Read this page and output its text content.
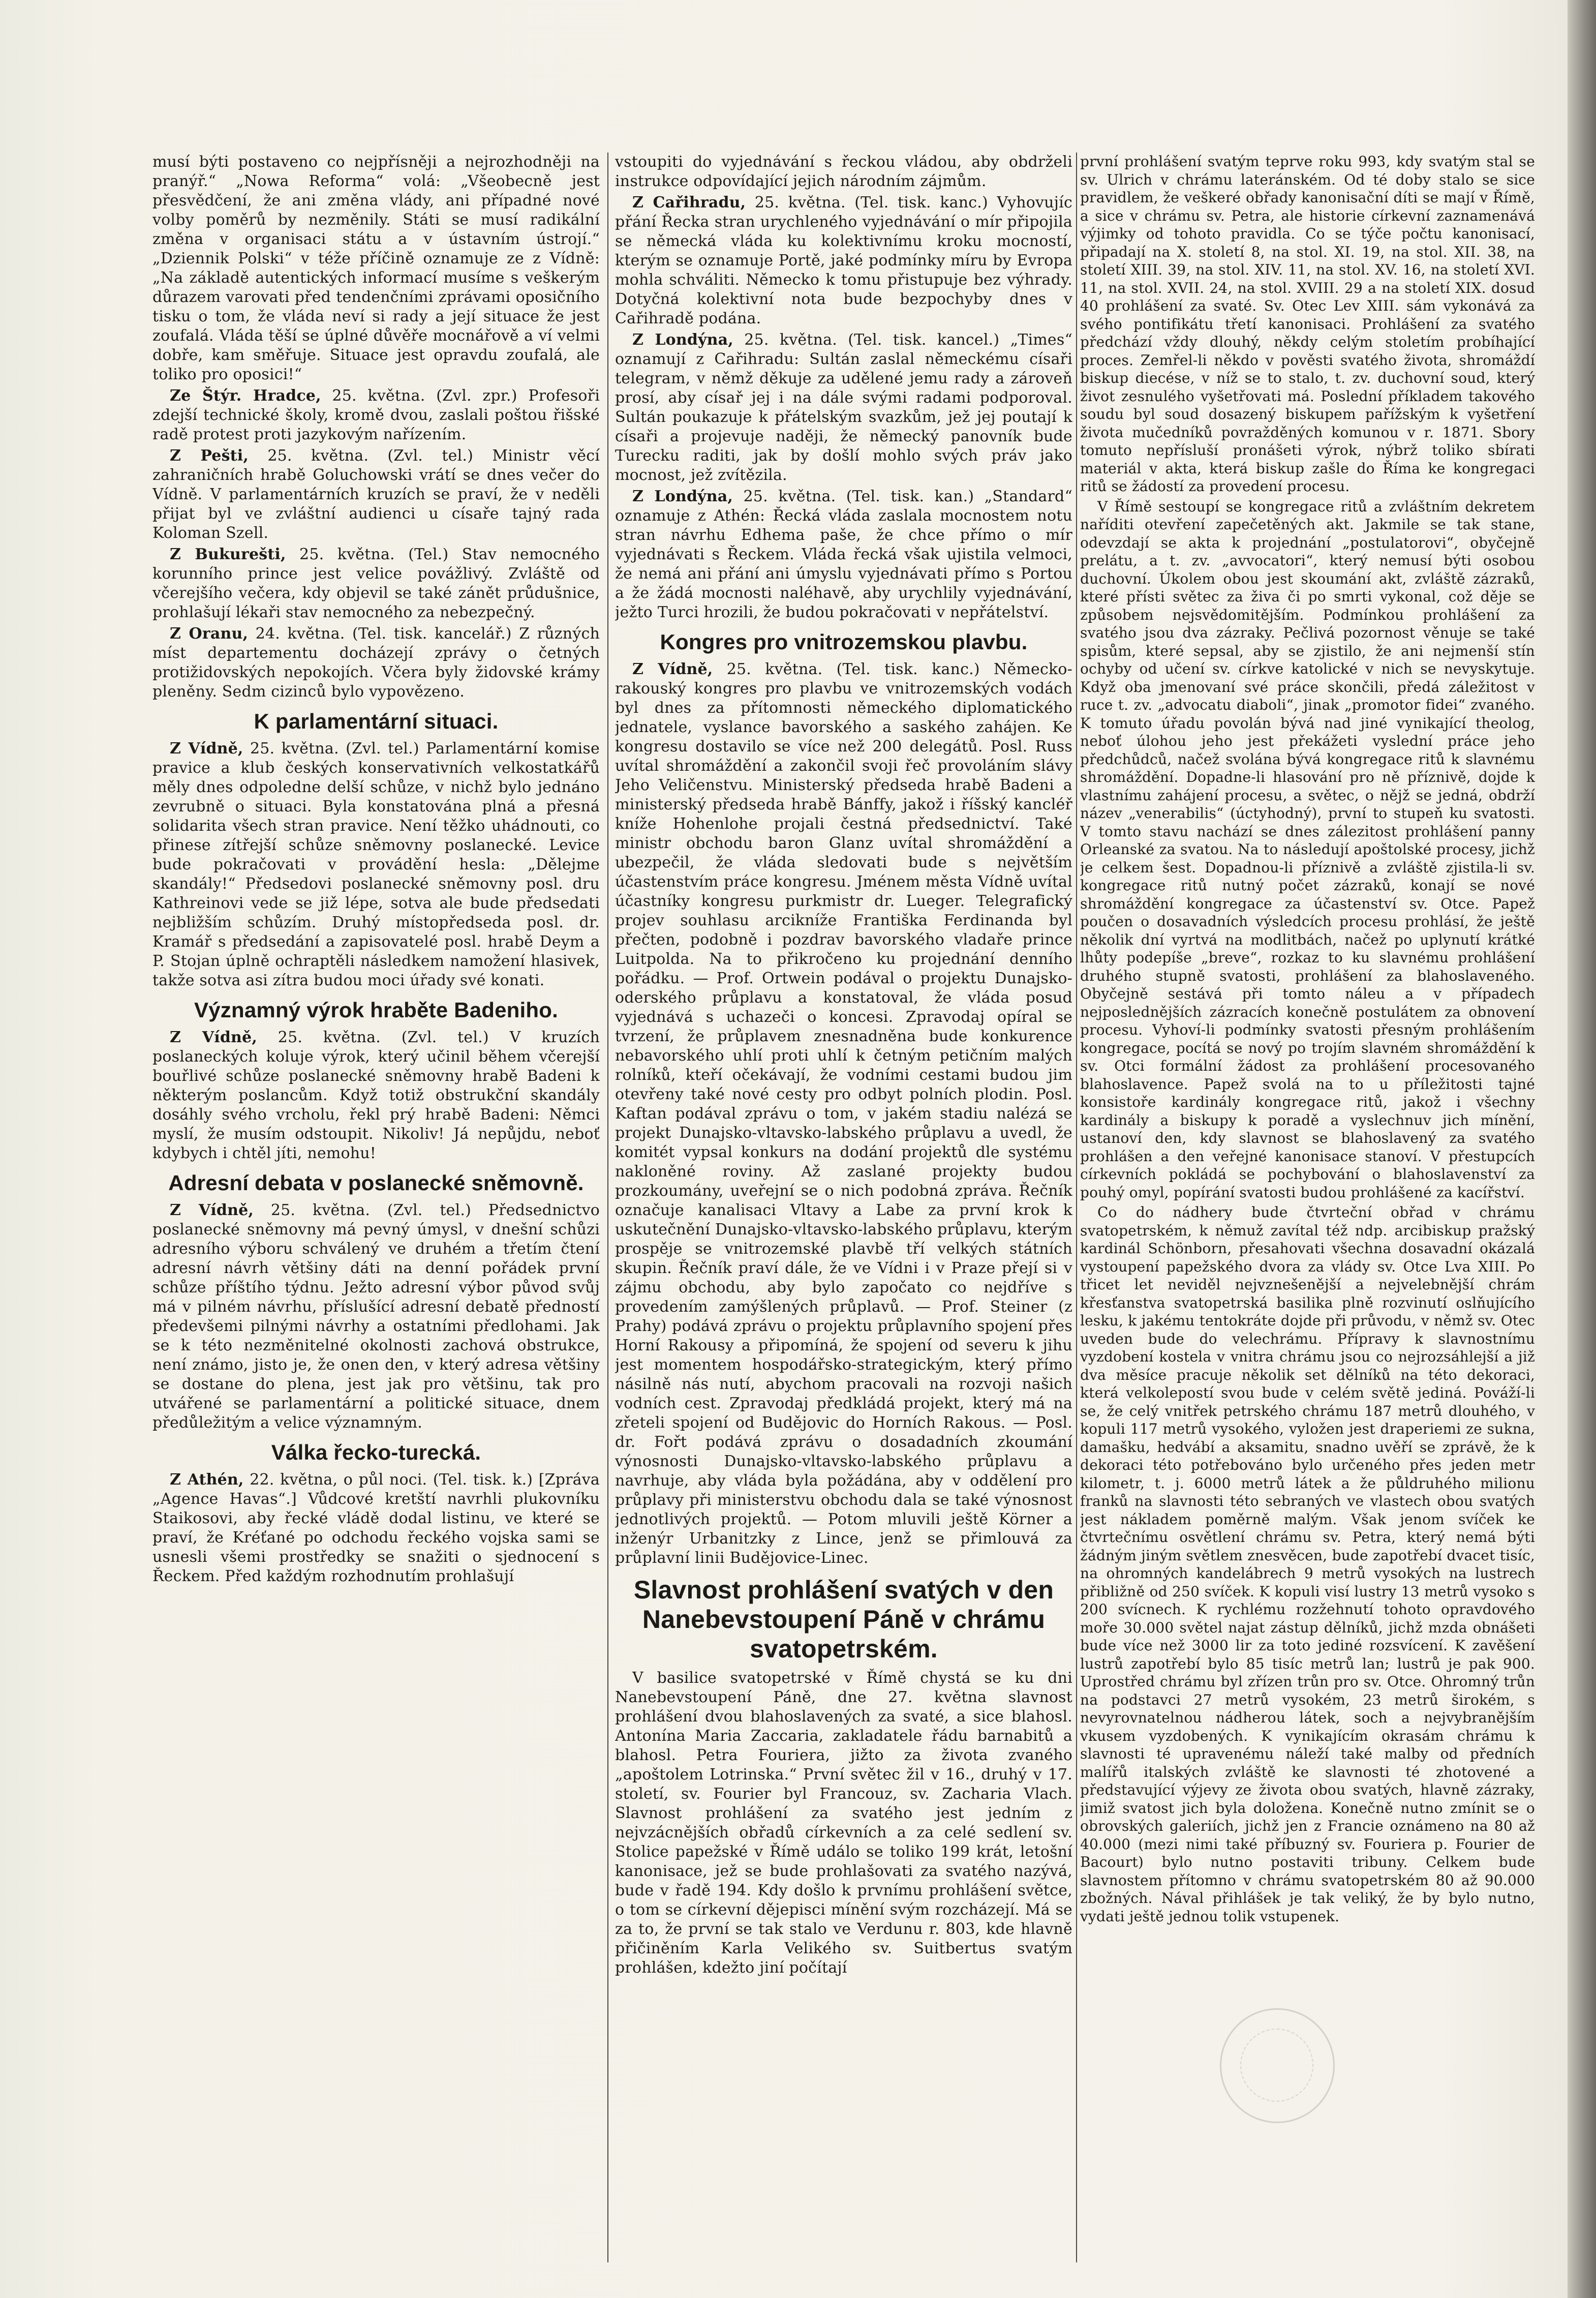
musí býti postaveno co nejpřísněji a nejrozhodněji na pranýř.“ „Nowa Reforma“ volá: „Všeobecně jest přesvědčení, že ani změna vlády, ani případné nové volby poměrů by nezměnily. Státi se musí radikální změna v organisaci státu a v ústavním ústrojí.“ „Dziennik Polski“ v téže příčině oznamuje ze z Vídně: „Na základě autentických informací musíme s veškerým důrazem varovati před tendenčními zprávami oposičního tisku o tom, že vláda neví si rady a její situace že jest zoufalá. Vláda těší se úplné důvěře mocnářově a ví velmi dobře, kam směřuje. Situace jest opravdu zoufalá, ale toliko pro oposici!“

Ze Štýr. Hradce, 25. května. (Zvl. zpr.) Profesoři zdejší technické školy, kromě dvou, zaslali poštou řišské radě protest proti jazykovým nařízením.

Z Pešti, 25. května. (Zvl. tel.) Ministr věcí zahraničních hrabě Goluchowski vrátí se dnes večer do Vídně. V parlamentárních kruzích se praví, že v neděli přijat byl ve zvláštní audienci u císaře tajný rada Koloman Szell.

Z Bukurešti, 25. května. (Tel.) Stav nemocného korunního prince jest velice povážlivý. Zvláště od včerejšího večera, kdy objevil se také zánět průdušnice, prohlašují lékaři stav nemocného za nebezpečný.

Z Oranu, 24. května. (Tel. tisk. kancelář.) Z různých míst departementu docházejí zprávy o četných protižidovských nepokojích. Včera byly židovské krámy pleněny. Sedm cizinců bylo vypovězeno.

K parlamentární situaci.

Z Vídně, 25. května. (Zvl. tel.) Parlamentární komise pravice a klub českých konservativních velkostatkářů měly dnes odpoledne delší schůze, v nichž bylo jednáno zevrubně o situaci. Byla konstatována plná a přesná solidarita všech stran pravice. Není těžko uhádnouti, co přinese zítřejší schůze sněmovny poslanecké. Levice bude pokračovati v provádění hesla: „Dělejme skandály!“ Předsedovi poslanecké sněmovny posl. dru Kathreinovi vede se již lépe, sotva ale bude předsedati nejbližším schůzím. Druhý místopředseda posl. dr. Kramář s předsedání a zapisovatelé posl. hrabě Deym a P. Stojan úplně ochraptěli následkem namožení hlasivek, takže sotva asi zítra budou moci úřady své konati.

Významný výrok hraběte Badeniho.

Z Vídně, 25. května. (Zvl. tel.) V kruzích poslaneckých koluje výrok, který učinil během včerejší bouřlivé schůze poslanecké sněmovny hrabě Badeni k některým poslancům. Když totiž obstrukční skandály dosáhly svého vrcholu, řekl prý hrabě Badeni: Němci myslí, že musím odstoupit. Nikoliv! Já nepůjdu, neboť kdybych i chtěl jíti, nemohu!

Adresní debata v poslanecké sněmovně.

Z Vídně, 25. května. (Zvl. tel.) Předsednictvo poslanecké sněmovny má pevný úmysl, v dnešní schůzi adresního výboru schválený ve druhém a třetím čtení adresní návrh většiny dáti na denní pořádek první schůze příštího týdnu. Ježto adresní výbor původ svůj má v pilném návrhu, příslušící adresní debatě předností předevšemi pilnými návrhy a ostatními předlohami. Jak se k této nezměnitelné okolnosti zachová obstrukce, není známo, jisto je, že onen den, v který adresa většiny se dostane do plena, jest jak pro většinu, tak pro utvářené se parlamentární a politické situace, dnem předůležitým a velice významným.

Válka řecko-turecká.

Z Athén, 22. května, o půl noci. (Tel. tisk. k.) [Zpráva „Agence Havas“.] Vůdcové kretští navrhli plukovníku Staikosovi, aby řecké vládě dodal listinu, ve které se praví, že Kréťané po odchodu řeckého vojska sami se usnesli všemi prostředky se snažiti o sjednocení s Řeckem. Před každým rozhodnutím prohlašují

vstoupiti do vyjednávání s řeckou vládou, aby obdrželi instrukce odpovídající jejich národním zájmům.

Z Cařihradu, 25. května. (Tel. tisk. kanc.) Vyhovujíc přání Řecka stran urychleného vyjednávání o mír připojila se německá vláda ku kolektivnímu kroku mocností, kterým se oznamuje Portě, jaké podmínky míru by Evropa mohla schváliti. Německo k tomu přistupuje bez výhrady. Dotyčná kolektivní nota bude bezpochyby dnes v Cařihradě podána.

Z Londýna, 25. května. (Tel. tisk. kancel.) „Times“ oznamují z Cařihradu: Sultán zaslal německému císaři telegram, v němž děkuje za udělené jemu rady a zároveň prosí, aby císař jej i na dále svými radami podporoval. Sultán poukazuje k přátelským svazkům, jež jej poutají k císaři a projevuje naději, že německý panovník bude Turecku raditi, jak by došlí mohlo svých práv jako mocnost, jež zvítězila.

Z Londýna, 25. května. (Tel. tisk. kan.) „Standard“ oznamuje z Athén: Řecká vláda zaslala mocnostem notu stran návrhu Edhema paše, že chce přímo o mír vyjednávati s Řeckem. Vláda řecká však ujistila velmoci, že nemá ani přání ani úmyslu vyjednávati přímo s Portou a že žádá mocnosti naléhavě, aby urychlily vyjednávání, ježto Turci hrozili, že budou pokračovati v nepřátelství.

Kongres pro vnitrozemskou plavbu.

Z Vídně, 25. května. (Tel. tisk. kanc.) Německo-rakouský kongres pro plavbu ve vnitrozemských vodách byl dnes za přítomnosti německého diplomatického jednatele, vyslance bavorského a saského zahájen. Ke kongresu dostavilo se více než 200 delegátů. Posl. Russ uvítal shromáždění a zakončil svoji řeč provoláním slávy Jeho Veličenstvu. Ministerský předseda hrabě Badeni a ministerský předseda hrabě Bánffy, jakož i říšský kancléř kníže Hohenlohe projali čestná předsednictví. Také ministr obchodu baron Glanz uvítal shromáždění a ubezpečil, že vláda sledovati bude s největším účastenstvím práce kongresu. Jménem města Vídně uvítal účastníky kongresu purkmistr dr. Lueger. Telegrafický projev souhlasu arcikníže Františka Ferdinanda byl přečten, podobně i pozdrav bavorského vladaře prince Luitpolda. Na to přikročeno ku projednání denního pořádku. — Prof. Ortwein podával o projektu Dunajsko-oderského průplavu a konstatoval, že vláda posud vyjednává s uchazeči o koncesi. Zpravodaj opíral se tvrzení, že průplavem znesnadněna bude konkurence nebavorského uhlí proti uhlí k četným petičním malých rolníků, kteří očekávají, že vodními cestami budou jim otevřeny také nové cesty pro odbyt polních plodin. Posl. Kaftan podával zprávu o tom, v jakém stadiu nalézá se projekt Dunajsko-vltavsko-labského průplavu a uvedl, že komitét vypsal konkurs na dodání projektů dle systému nakloněné roviny. Až zaslané projekty budou prozkoumány, uveřejní se o nich podobná zpráva. Řečník označuje kanalisaci Vltavy a Labe za první krok k uskutečnění Dunajsko-vltavsko-labského průplavu, kterým prospěje se vnitrozemské plavbě tří velkých státních skupin. Řečník praví dále, že ve Vídni i v Praze přejí si v zájmu obchodu, aby bylo započato co nejdříve s provedením zamýšlených průplavů. — Prof. Steiner (z Prahy) podává zprávu o projektu průplavního spojení přes Horní Rakousy a připomíná, že spojení od severu k jihu jest momentem hospodářsko-strategickým, který přímo násilně nás nutí, abychom pracovali na rozvoji našich vodních cest. Zpravodaj předkládá projekt, který má na zřeteli spojení od Budějovic do Horních Rakous. — Posl. dr. Fořt podává zprávu o dosadadních zkoumání výnosnosti Dunajsko-vltavsko-labského průplavu a navrhuje, aby vláda byla požádána, aby v oddělení pro průplavy při ministerstvu obchodu dala se také výnosnost jednotlivých projektů. — Potom mluvili ještě Körner a inženýr Urbanitzky z Lince, jenž se přimlouvá za průplavní linii Budějovice-Linec.

Slavnost prohlášení svatých v den Nanebevstoupení Páně v chrámu svatopetrském.

V basilice svatopetrské v Římě chystá se ku dni Nanebevstoupení Páně, dne 27. května slavnost prohlášení dvou blahoslavených za svaté, a sice blahosl. Antonína Maria Zaccaria, zakladatele řádu barnabitů a blahosl. Petra Fouriera, jižto za života zvaného „apoštolem Lotrinska.“ První světec žil v 16., druhý v 17. století, sv. Fourier byl Francouz, sv. Zacharia Vlach. Slavnost prohlášení za svatého jest jedním z nejvzácnějších obřadů církevních a za celé sedlení sv. Stolice papežské v Římě událo se toliko 199 krát, letošní kanonisace, jež se bude prohlašovati za svatého nazývá, bude v řadě 194. Kdy došlo k prvnímu prohlášení světce, o tom se církevní dějepisci mínění svým rozcházejí. Má se za to, že první se tak stalo ve Verdunu r. 803, kde hlavně přičiněním Karla Velikého sv. Suitbertus svatým prohlášen, kdežto jiní počítají

první prohlášení svatým teprve roku 993, kdy svatým stal se sv. Ulrich v chrámu lateránském. Od té doby stalo se sice pravidlem, že veškeré obřady kanonisační díti se mají v Římě, a sice v chrámu sv. Petra, ale historie církevní zaznamenává výjimky od tohoto pravidla. Co se týče počtu kanonisací, připadají na X. století 8, na stol. XI. 19, na stol. XII. 38, na století XIII. 39, na stol. XIV. 11, na stol. XV. 16, na století XVI. 11, na stol. XVII. 24, na stol. XVIII. 29 a na století XIX. dosud 40 prohlášení za svaté. Sv. Otec Lev XIII. sám vykonává za svého pontifikátu třetí kanonisaci. Prohlášení za svatého předchází vždy dlouhý, někdy celým stoletím probíhající proces. Zemřel-li někdo v pověsti svatého života, shromáždí biskup diecése, v níž se to stalo, t. zv. duchovní soud, který život zesnulého vyšetřovati má. Poslední příkladem takového soudu byl soud dosazený biskupem pařížským k vyšetření života mučedníků povražděných komunou v r. 1871. Sbory tomuto nepřísluší pronášeti výrok, nýbrž toliko sbírati materiál v akta, která biskup zašle do Říma ke kongregaci ritů se žádostí za provedení procesu.

V Římě sestoupí se kongregace ritů a zvláštním dekretem naříditi otevření zapečetěných akt. Jakmile se tak stane, odevzdají se akta k projednání „postulatorovi“, obyčejně prelátu, a t. zv. „avvocatori“, který nemusí býti osobou duchovní. Úkolem obou jest skoumání akt, zvláště zázraků, které přísti světec za živa či po smrti vykonal, což děje se způsobem nejsvědomitějším. Podmínkou prohlášení za svatého jsou dva zázraky. Pečlivá pozornost věnuje se také spisům, které sepsal, aby se zjistilo, že ani nejmenší stín ochyby od učení sv. církve katolické v nich se nevyskytuje. Když oba jmenovaní své práce skončili, předá záležitost v ruce t. zv. „advocatu diaboli“, jinak „promotor fidei“ zvaného. K tomuto úřadu povolán bývá nad jiné vynikající theolog, neboť úlohou jeho jest překážeti vyslední práce jeho předchůdců, načež svolána bývá kongregace ritů k slavnému shromáždění. Dopadne-li hlasování pro ně příznivě, dojde k vlastnímu zahájení procesu, a světec, o nějž se jedná, obdrží název „venerabilis“ (úctyhodný), první to stupeň ku svatosti. V tomto stavu nachází se dnes zálezitost prohlášení panny Orleanské za svatou. Na to následují apoštolské procesy, jichž je celkem šest. Dopadnou-li příznivě a zvláště zjistila-li sv. kongregace ritů nutný počet zázraků, konají se nové shromáždění kongregace za účastenství sv. Otce. Papež poučen o dosavadních výsledcích procesu prohlásí, že ještě několik dní vyrtvá na modlitbách, načež po uplynutí krátké lhůty podepíše „breve“, rozkaz to ku slavnému prohlášení druhého stupně svatosti, prohlášení za blahoslaveného. Obyčejně sestává při tomto náleu a v případech nejposlednějších zázracích konečně postulátem za obnovení procesu. Vyhoví-li podmínky svatosti přesným prohlášením kongregace, pocítá se nový po trojím slavném shromáždění k sv. Otci formální žádost za prohlášení procesovaného blahoslavence. Papež svolá na to u příležitosti tajné konsistoře kardinály kongregace ritů, jakož i všechny kardinály a biskupy k poradě a vyslechnuv jich mínění, ustanoví den, kdy slavnost se blahoslavený za svatého prohlášen a den veřejné kanonisace stanoví. V přestupcích církevních pokládá se pochybování o blahoslavenství za pouhý omyl, popírání svatosti budou prohlášené za kacířství.

Co do nádhery bude čtvrteční obřad v chrámu svatopetrském, k němuž zavítal též ndp. arcibiskup pražský kardinál Schönborn, přesahovati všechna dosavadní okázalá vystoupení papežského dvora za vlády sv. Otce Lva XIII. Po třicet let neviděl nejvznešenější a nejvelebnější chrám křesťanstva svatopetrská basilika plně rozvinutí oslňujícího lesku, k jakému tentokráte dojde při průvodu, v němž sv. Otec uveden bude do velechrámu. Přípravy k slavnostnímu vyzdobení kostela v vnitra chrámu jsou co nejrozsáhlejší a již dva měsíce pracuje několik set dělníků na této dekoraci, která velkolepostí svou bude v celém světě jediná. Pováží-li se, že celý vnitřek petrského chrámu 187 metrů dlouhého, v kopuli 117 metrů vysokého, vyložen jest draperiemi ze sukna, damašku, hedvábí a aksamitu, snadno uvěří se zprávě, že k dekoraci této potřebováno bylo určeného přes jeden metr kilometr, t. j. 6000 metrů látek a že půldruhého milionu franků na slavnosti této sebraných ve vlastech obou svatých jest nákladem poměrně malým. Však jenom svíček ke čtvrtečnímu osvětlení chrámu sv. Petra, který nemá býti žádným jiným světlem znesvěcen, bude zapotřebí dvacet tisíc, na ohromných kandelábrech 9 metrů vysokých na lustrech přibližně od 250 svíček. K kopuli visí lustry 13 metrů vysoko s 200 svícnech. K rychlému rozžehnutí tohoto opravdového moře 30.000 světel najat zástup dělníků, jichž mzda obnášeti bude více než 3000 lir za toto jediné rozsvícení. K zavěšení lustrů zapotřebí bylo 85 tisíc metrů lan; lustrů je pak 900. Uprostřed chrámu byl zřízen trůn pro sv. Otce. Ohromný trůn na podstavci 27 metrů vysokém, 23 metrů širokém, s nevyrovnatelnou nádherou látek, soch a nejvybranějším vkusem vyzdobených. K vynikajícím okrasám chrámu k slavnosti té upravenému náleží také malby od předních malířů italských zvláště ke slavnosti té zhotovené a představující výjevy ze života obou svatých, hlavně zázraky, jimiž svatost jich byla doložena. Konečně nutno zmínit se o obrovských galeriích, jichž jen z Francie oznámeno na 80 až 40.000 (mezi nimi také příbuzný sv. Fouriera p. Fourier de Bacourt) bylo nutno postaviti tribuny. Celkem bude slavnostem přítomno v chrámu svatopetrském 80 až 90.000 zbožných. Nával přihlášek je tak veliký, že by bylo nutno, vydati ještě jednou tolik vstupenek.
